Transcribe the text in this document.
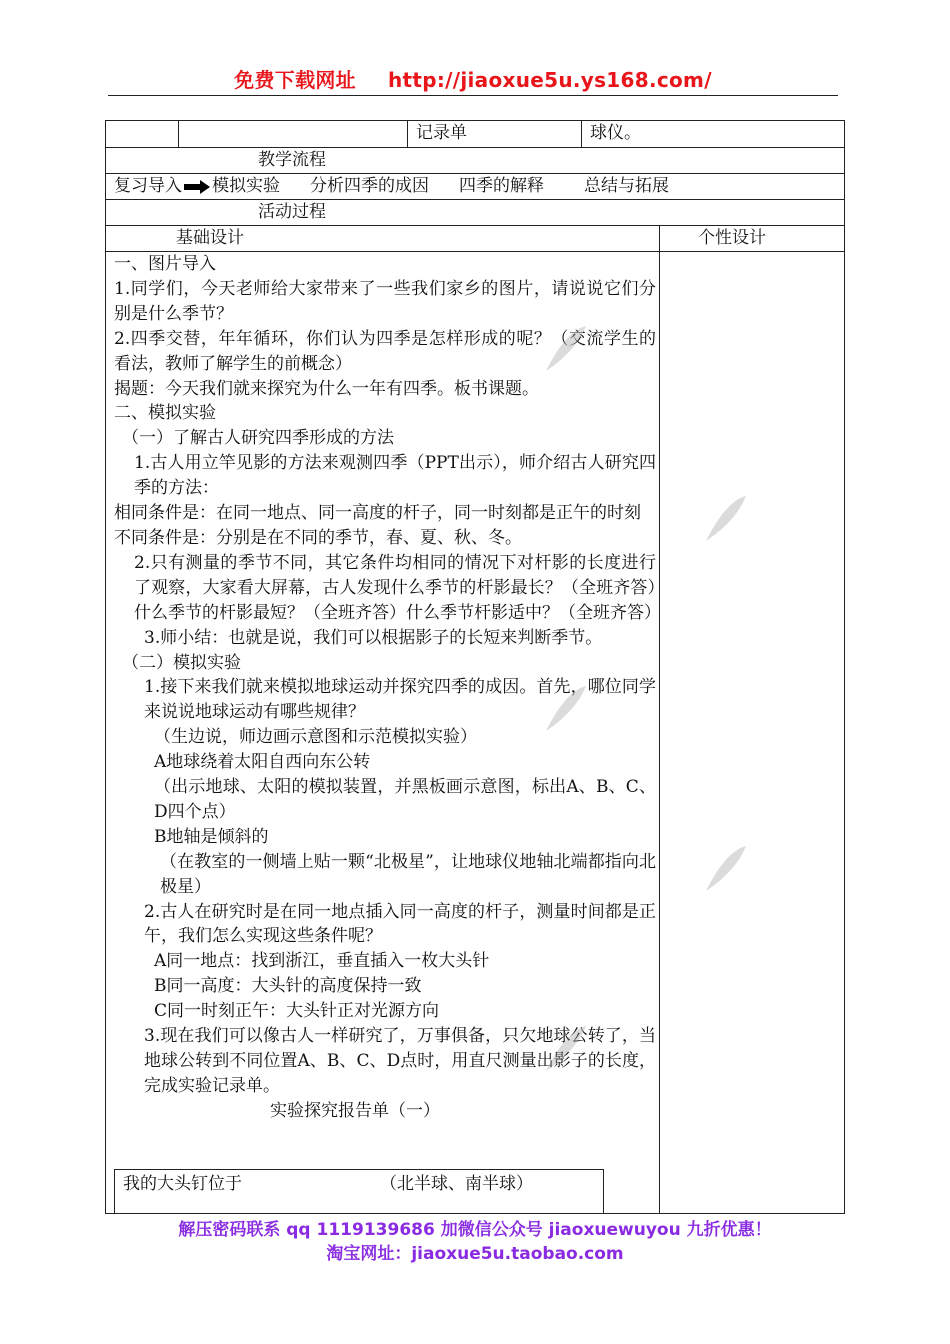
免费下载网址 http://jiaoxue5u.ys168.com/
记录单	球仪。
教学流程
复习导入 模拟实验 分析四季的成因 四季的解释 总结与拓展
活动过程
基础设计	个性设计

一、图片导入

1.同学们，今天老师给大家带来了一些我们家乡的图片，请说说它们分别是什么季节？

2.四季交替，年年循环，你们认为四季是怎样形成的呢？（交流学生的看法，教师了解学生的前概念）

揭题：今天我们就来探究为什么一年有四季。板书课题。

二、模拟实验

（一）了解古人研究四季形成的方法

1.古人用立竿见影的方法来观测四季（PPT出示），师介绍古人研究四季的方法：

相同条件是：在同一地点、同一高度的杆子，同一时刻都是正午的时刻

不同条件是：分别是在不同的季节，春、夏、秋、冬。

2.只有测量的季节不同，其它条件均相同的情况下对杆影的长度进行了观察，大家看大屏幕，古人发现什么季节的杆影最长？（全班齐答）什么季节的杆影最短？（全班齐答）什么季节杆影适中？（全班齐答）

3.师小结：也就是说，我们可以根据影子的长短来判断季节。

（二）模拟实验

1.接下来我们就来模拟地球运动并探究四季的成因。首先，哪位同学来说说地球运动有哪些规律？

（生边说，师边画示意图和示范模拟实验）

A地球绕着太阳自西向东公转

（出示地球、太阳的模拟装置，并黑板画示意图，标出A、B、C、D四个点）

B地轴是倾斜的

（在教室的一侧墙上贴一颗“北极星”，让地球仪地轴北端都指向北极星）

2.古人在研究时是在同一地点插入同一高度的杆子，测量时间都是正午，我们怎么实现这些条件呢？

A同一地点：找到浙江，垂直插入一枚大头针

B同一高度：大头针的高度保持一致

C同一时刻正午：大头针正对光源方向

3.现在我们可以像古人一样研究了，万事俱备，只欠地球公转了，当地球公转到不同位置A、B、C、D点时，用直尺测量出影子的长度，完成实验记录单。

实验探究报告单（一）

我的大头钉位于	（北半球、南半球）
解压密码联系 qq 1119139686 加微信公众号 jiaoxuewuyou 九折优惠！
淘宝网址：jiaoxue5u.taobao.com
